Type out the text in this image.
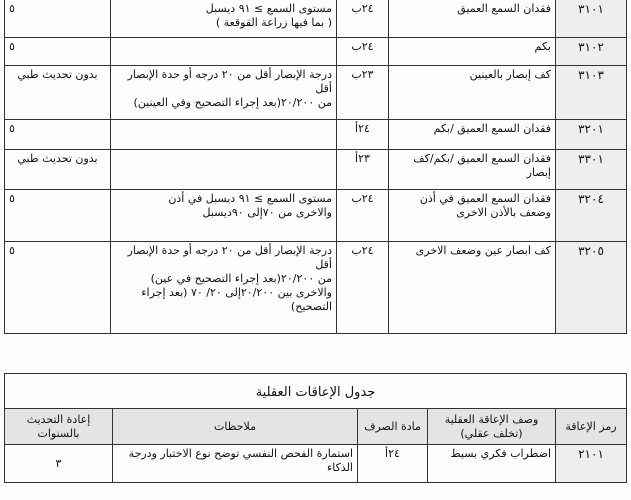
٣١٠١	فقدان السمع العميق	٢٤ب	مستوى السمع ≥ ٩١ ديسبل
( بما فيها زراعة القوقعة )	٥
٣١٠٢	بكم	٢٤ب		٥
٣١٠٣	كف إبصار بالعينين	٢٣ب	درجة الإبصار أقل من ٢٠ درجه أو حدة الإبصار أقل
من ٢٠/٢٠٠(بعد إجراء التصحيح وفي العينين)	بدون تحديث طبي
٣٢٠١	فقدان السمع العميق /بكم	٢٤أ		٥
٣٣٠١	فقدان السمع العميق /بكم/كف إبصار	٢٣أ		بدون تحديث طبي
٣٢٠٤	فقدان السمع العميق في أذن وضعف بالأذن الاخرى	٢٤ب	مستوى السمع ≥ ٩١ ديسبل في أذن
والاخرى من ٧٠إلى ٩٠ديسبل	٥
٣٢٠٥	كف ابصار عين وضعف الاخرى	٢٤ب	درجة الإبصار أقل من ٢٠ درجه أو حدة الإبصار أقل
من ٢٠/٢٠٠(بعد إجراء التصحيح في عين)
والاخرى بين ٢٠/٢٠٠إلى ٢٠/ ٧٠ (بعد إجراء التصحيح)	٥
جدول الإعاقات العقلية				
رمز الإعاقة	وصف الإعاقة العقلية (تخلف عقلي)	مادة الصرف	ملاحظات	إعادة التحديث بالسنوات
٢١٠١	اضطراب فكري بسيط	٢٤أ	استمارة الفحص النفسي توضح نوع الاختبار ودرجة الذكاء	٣
